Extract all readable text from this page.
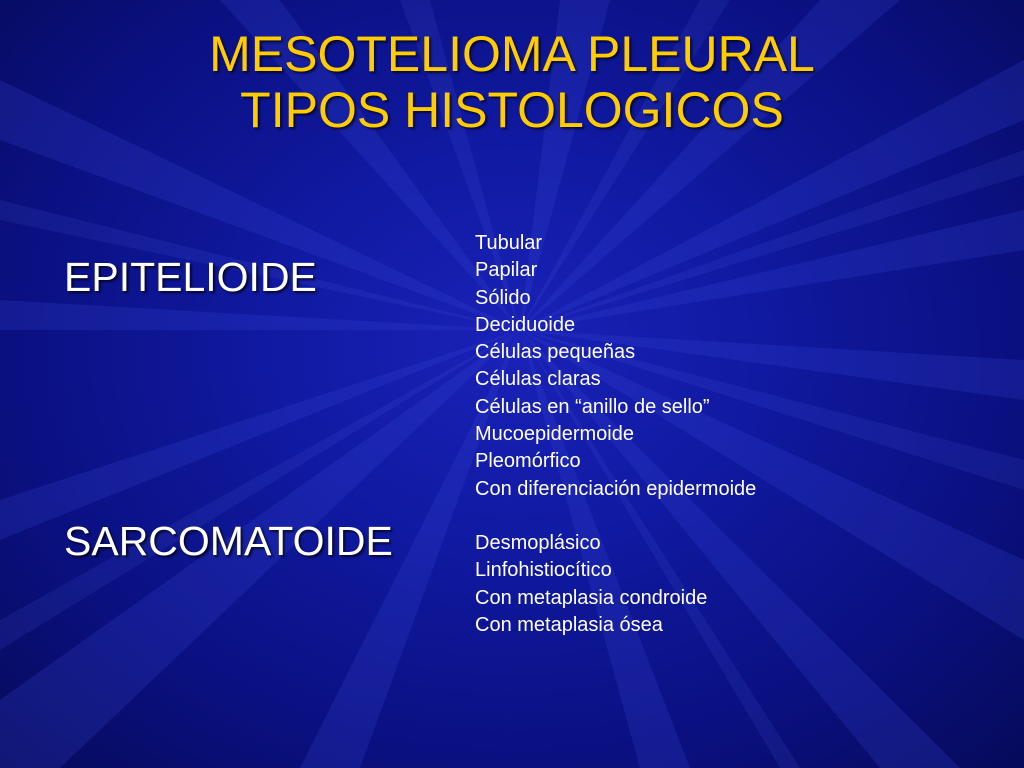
MESOTELIOMA PLEURAL
TIPOS HISTOLOGICOS
EPITELIOIDE
Tubular
Papilar
Sólido
Deciduoide
Células pequeñas
Células claras
Células en “anillo de sello”
Mucoepidermoide
Pleomórfico
Con diferenciación epidermoide
SARCOMATOIDE	Desmoplásico
Linfohistiocítico
Con metaplasia condroide
Con metaplasia ósea
